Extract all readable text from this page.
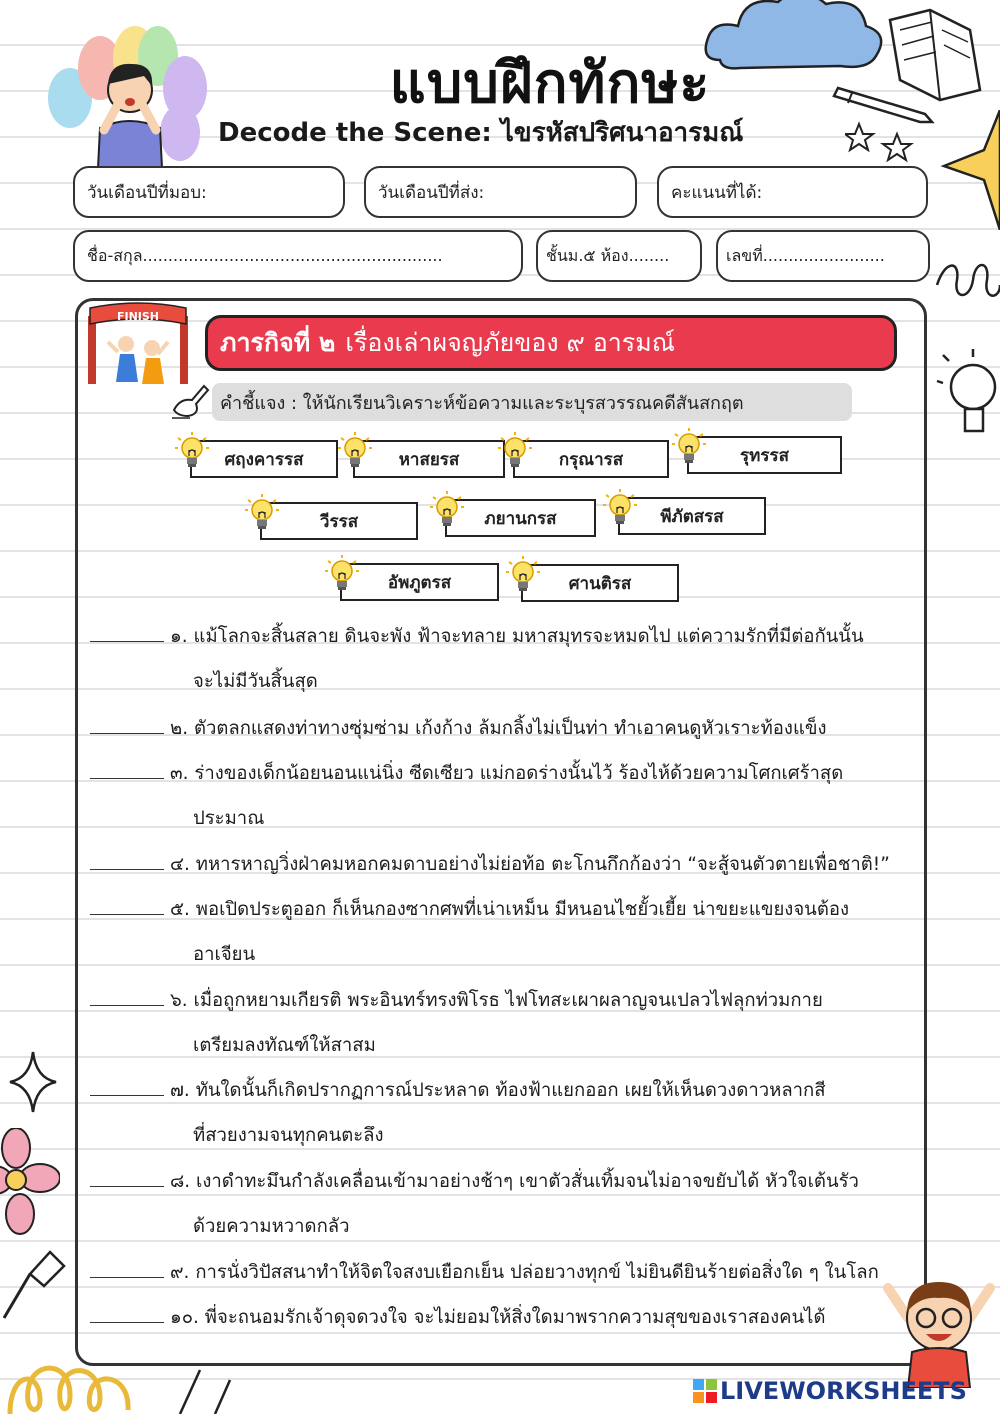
แบบฝึกทักษะ
Decode the Scene: ไขรหัสปริศนาอารมณ์
วันเดือนปีที่มอบ:	วันเดือนปีที่ส่ง:	คะแนนที่ได้:
ชื่อ-สกุล...........................................................	ชั้นม.๕ ห้อง........	เลขที่........................
FINISH
ภารกิจที่ ๒ เรื่องเล่าผจญภัยของ ๙ อารมณ์
คำชี้แจง : ให้นักเรียนวิเคราะห์ข้อความและระบุรสวรรณคดีสันสกฤต
ศฤงคารรส	หาสยรส	กรุณารส	รุทรรส
วีรรส	ภยานกรส	พีภัตสรส
อัพภูตรส	ศานติรส
๑. แม้โลกจะสิ้นสลาย ดินจะพัง ฟ้าจะทลาย มหาสมุทรจะหมดไป แต่ความรักที่มีต่อกันนั้น
จะไม่มีวันสิ้นสุด
๒. ตัวตลกแสดงท่าทางซุ่มซ่าม เก้งก้าง ล้มกลิ้งไม่เป็นท่า ทำเอาคนดูหัวเราะท้องแข็ง
๓. ร่างของเด็กน้อยนอนแน่นิ่ง ซีดเซียว แม่กอดร่างนั้นไว้ ร้องไห้ด้วยความโศกเศร้าสุด
ประมาณ
๔. ทหารหาญวิ่งฝ่าคมหอกคมดาบอย่างไม่ย่อท้อ ตะโกนกึกก้องว่า “จะสู้จนตัวตายเพื่อชาติ!”
๕. พอเปิดประตูออก ก็เห็นกองซากศพที่เน่าเหม็น มีหนอนไชยั้วเยี้ย น่าขยะแขยงจนต้อง
อาเจียน
๖. เมื่อถูกหยามเกียรติ พระอินทร์ทรงพิโรธ ไฟโทสะเผาผลาญจนเปลวไฟลุกท่วมกาย
เตรียมลงทัณฑ์ให้สาสม
๗. ทันใดนั้นก็เกิดปรากฏการณ์ประหลาด ท้องฟ้าแยกออก เผยให้เห็นดวงดาวหลากสี
ที่สวยงามจนทุกคนตะลึง
๘. เงาดำทะมึนกำลังเคลื่อนเข้ามาอย่างช้าๆ เขาตัวสั่นเทิ้มจนไม่อาจขยับได้ หัวใจเต้นรัว
ด้วยความหวาดกลัว
๙. การนั่งวิปัสสนาทำให้จิตใจสงบเยือกเย็น ปล่อยวางทุกข์ ไม่ยินดียินร้ายต่อสิ่งใด ๆ ในโลก
๑๐. พี่จะถนอมรักเจ้าดุจดวงใจ จะไม่ยอมให้สิ่งใดมาพรากความสุขของเราสองคนได้
LIVEWORKSHEETS
